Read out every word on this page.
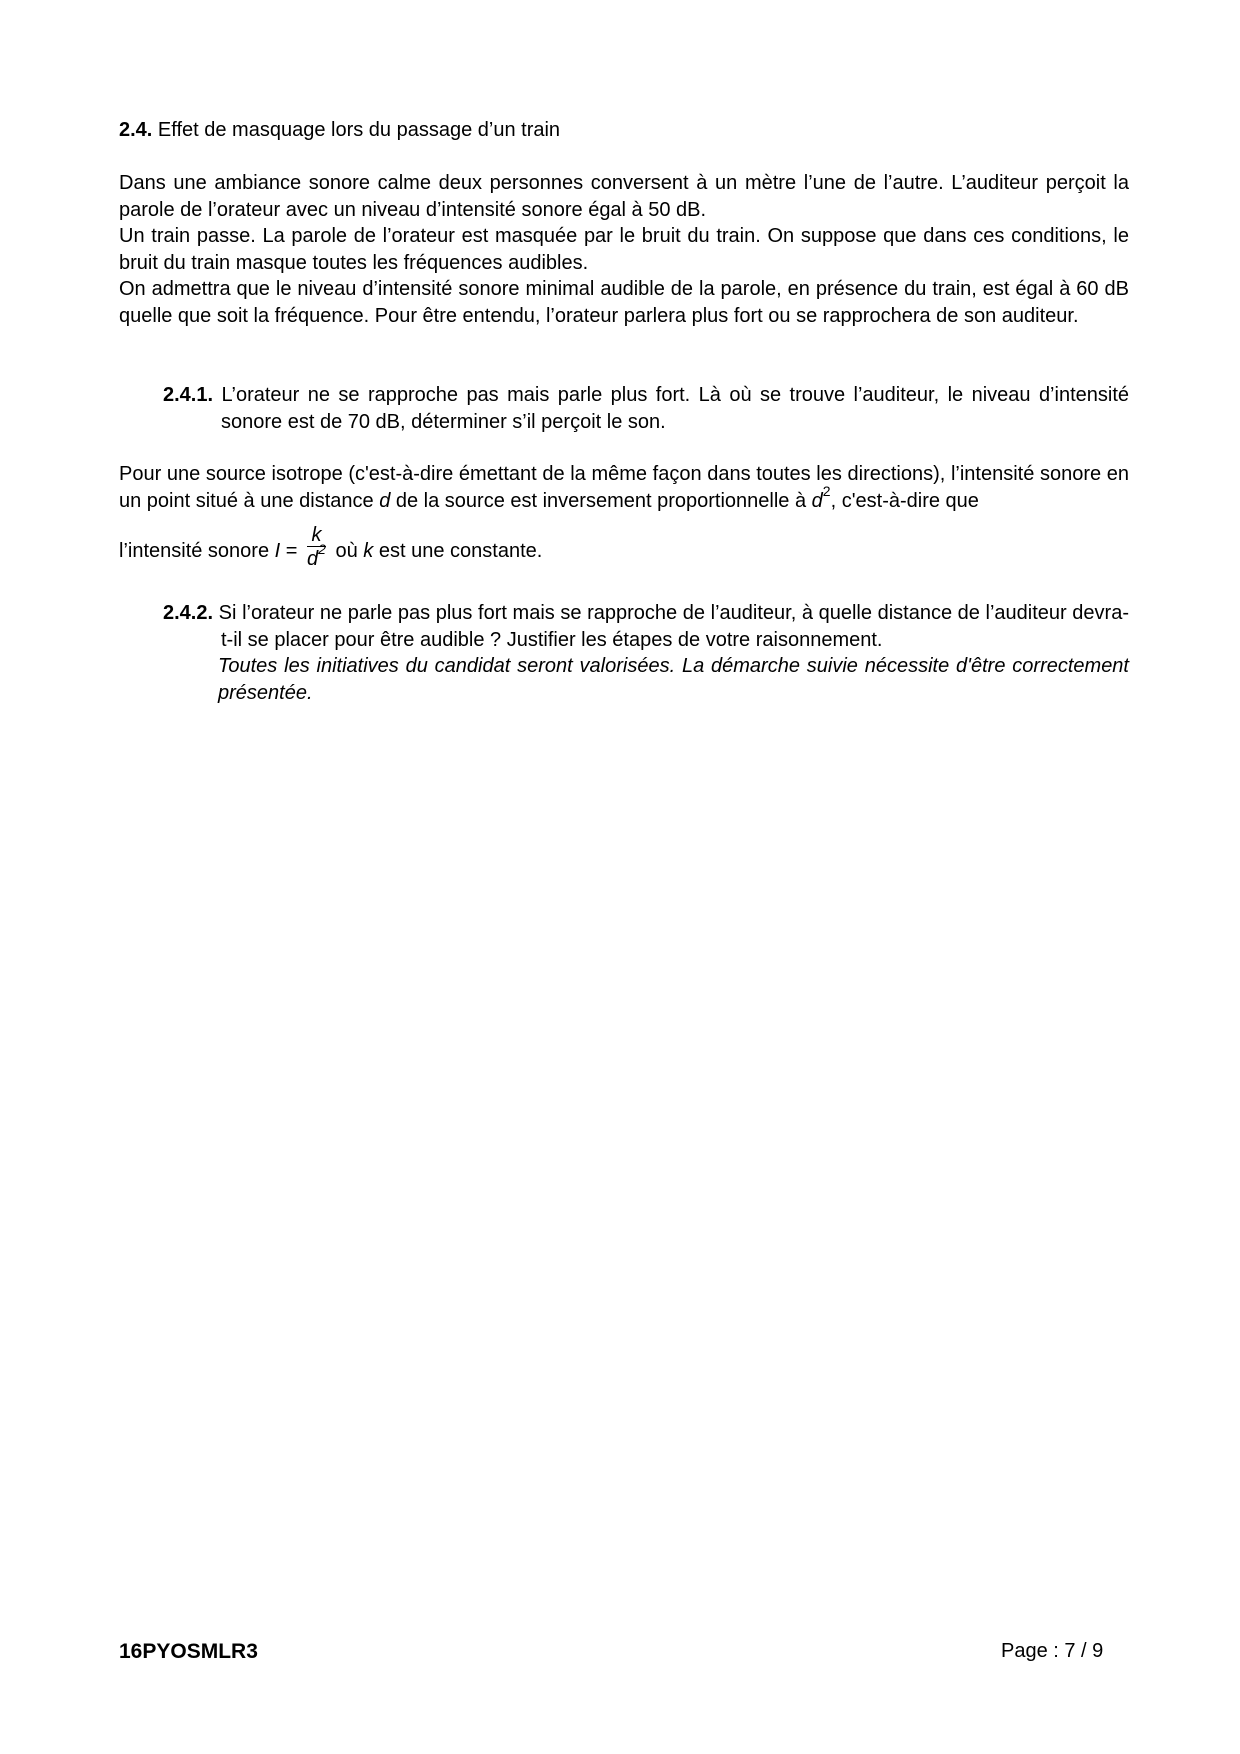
2.4. Effet de masquage lors du passage d’un train
Dans une ambiance sonore calme deux personnes conversent à un mètre l’une de l’autre. L’auditeur perçoit la parole de l’orateur avec un niveau d’intensité sonore égal à 50 dB.
Un train passe. La parole de l’orateur est masquée par le bruit du train. On suppose que dans ces conditions, le bruit du train masque toutes les fréquences audibles.
On admettra que le niveau d’intensité sonore minimal audible de la parole, en présence du train, est égal à 60 dB quelle que soit la fréquence. Pour être entendu, l’orateur parlera plus fort ou se rapprochera de son auditeur.
2.4.1. L’orateur ne se rapproche pas mais parle plus fort. Là où se trouve l’auditeur, le niveau d’intensité sonore est de 70 dB, déterminer s’il perçoit le son.
Pour une source isotrope (c'est-à-dire émettant de la même façon dans toutes les directions), l’intensité sonore en un point situé à une distance d de la source est inversement proportionnelle à $d^2$, c'est-à-dire que
l’intensité sonore $I = \frac{k}{d^2}$ où k est une constante.
2.4.2. Si l’orateur ne parle pas plus fort mais se rapproche de l’auditeur, à quelle distance de l’auditeur devra-t-il se placer pour être audible ? Justifier les étapes de votre raisonnement.
Toutes les initiatives du candidat seront valorisées. La démarche suivie nécessite d'être correctement présentée.
16PYOSMLR3	Page : 7 / 9
